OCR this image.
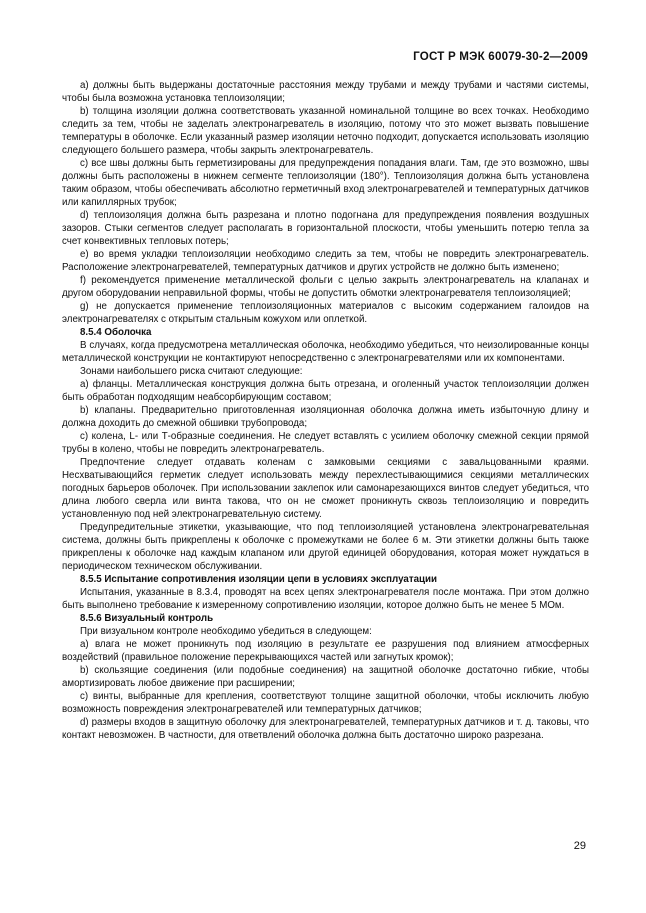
ГОСТ Р МЭК 60079-30-2—2009

а) должны быть выдержаны достаточные расстояния между трубами и между трубами и частями системы, чтобы была возможна установка теплоизоляции;

b) толщина изоляции должна соответствовать указанной номинальной толщине во всех точках. Необходимо следить за тем, чтобы не заделать электронагреватель в изоляцию, потому что это может вызвать повышение температуры в оболочке. Если указанный размер изоляции неточно подходит, допускается использовать изоляцию следующего большего размера, чтобы закрыть электронагреватель.

с) все швы должны быть герметизированы для предупреждения попадания влаги. Там, где это возможно, швы должны быть расположены в нижнем сегменте теплоизоляции (180°). Теплоизоляция должна быть установлена таким образом, чтобы обеспечивать абсолютно герметичный вход электронагревателей и температурных датчиков или капиллярных трубок;

d) теплоизоляция должна быть разрезана и плотно подогнана для предупреждения появления воздушных зазоров. Стыки сегментов следует располагать в горизонтальной плоскости, чтобы уменьшить потерю тепла за счет конвективных тепловых потерь;

е) во время укладки теплоизоляции необходимо следить за тем, чтобы не повредить электронагреватель. Расположение электронагревателей, температурных датчиков и других устройств не должно быть изменено;

f) рекомендуется применение металлической фольги с целью закрыть электронагреватель на клапанах и другом оборудовании неправильной формы, чтобы не допустить обмотки электронагревателя теплоизоляцией;

g) не допускается применение теплоизоляционных материалов с высоким содержанием галоидов на электронагревателях с открытым стальным кожухом или оплеткой.

8.5.4 Оболочка

В случаях, когда предусмотрена металлическая оболочка, необходимо убедиться, что неизолированные концы металлической конструкции не контактируют непосредственно с электронагревателями или их компонентами.

Зонами наибольшего риска считают следующие:

а) фланцы. Металлическая конструкция должна быть отрезана, и оголенный участок теплоизоляции должен быть обработан подходящим неабсорбирующим составом;

b) клапаны. Предварительно приготовленная изоляционная оболочка должна иметь избыточную длину и должна доходить до смежной обшивки трубопровода;

с) колена, L- или Т-образные соединения. Не следует вставлять с усилием оболочку смежной секции прямой трубы в колено, чтобы не повредить электронагреватель.

Предпочтение следует отдавать коленам с замковыми секциями с завальцованными краями. Несхватывающийся герметик следует использовать между перехлестывающимися секциями металлических погодных барьеров оболочек. При использовании заклепок или самонарезающихся винтов следует убедиться, что длина любого сверла или винта такова, что он не сможет проникнуть сквозь теплоизоляцию и повредить установленную под ней электронагревательную систему.

Предупредительные этикетки, указывающие, что под теплоизоляцией установлена электронагревательная система, должны быть прикреплены к оболочке с промежутками не более 6 м. Эти этикетки должны быть также прикреплены к оболочке над каждым клапаном или другой единицей оборудования, которая может нуждаться в периодическом техническом обслуживании.

8.5.5 Испытание сопротивления изоляции цепи в условиях эксплуатации

Испытания, указанные в 8.3.4, проводят на всех цепях электронагревателя после монтажа. При этом должно быть выполнено требование к измеренному сопротивлению изоляции, которое должно быть не менее 5 МОм.

8.5.6 Визуальный контроль

При визуальном контроле необходимо убедиться в следующем:

а) влага не может проникнуть под изоляцию в результате ее разрушения под влиянием атмосферных воздействий (правильное положение перекрывающихся частей или загнутых кромок);

b) скользящие соединения (или подобные соединения) на защитной оболочке достаточно гибкие, чтобы амортизировать любое движение при расширении;

с) винты, выбранные для крепления, соответствуют толщине защитной оболочки, чтобы исключить любую возможность повреждения электронагревателей или температурных датчиков;

d) размеры входов в защитную оболочку для электронагревателей, температурных датчиков и т. д. таковы, что контакт невозможен. В частности, для ответвлений оболочка должна быть достаточно широко разрезана.

29
